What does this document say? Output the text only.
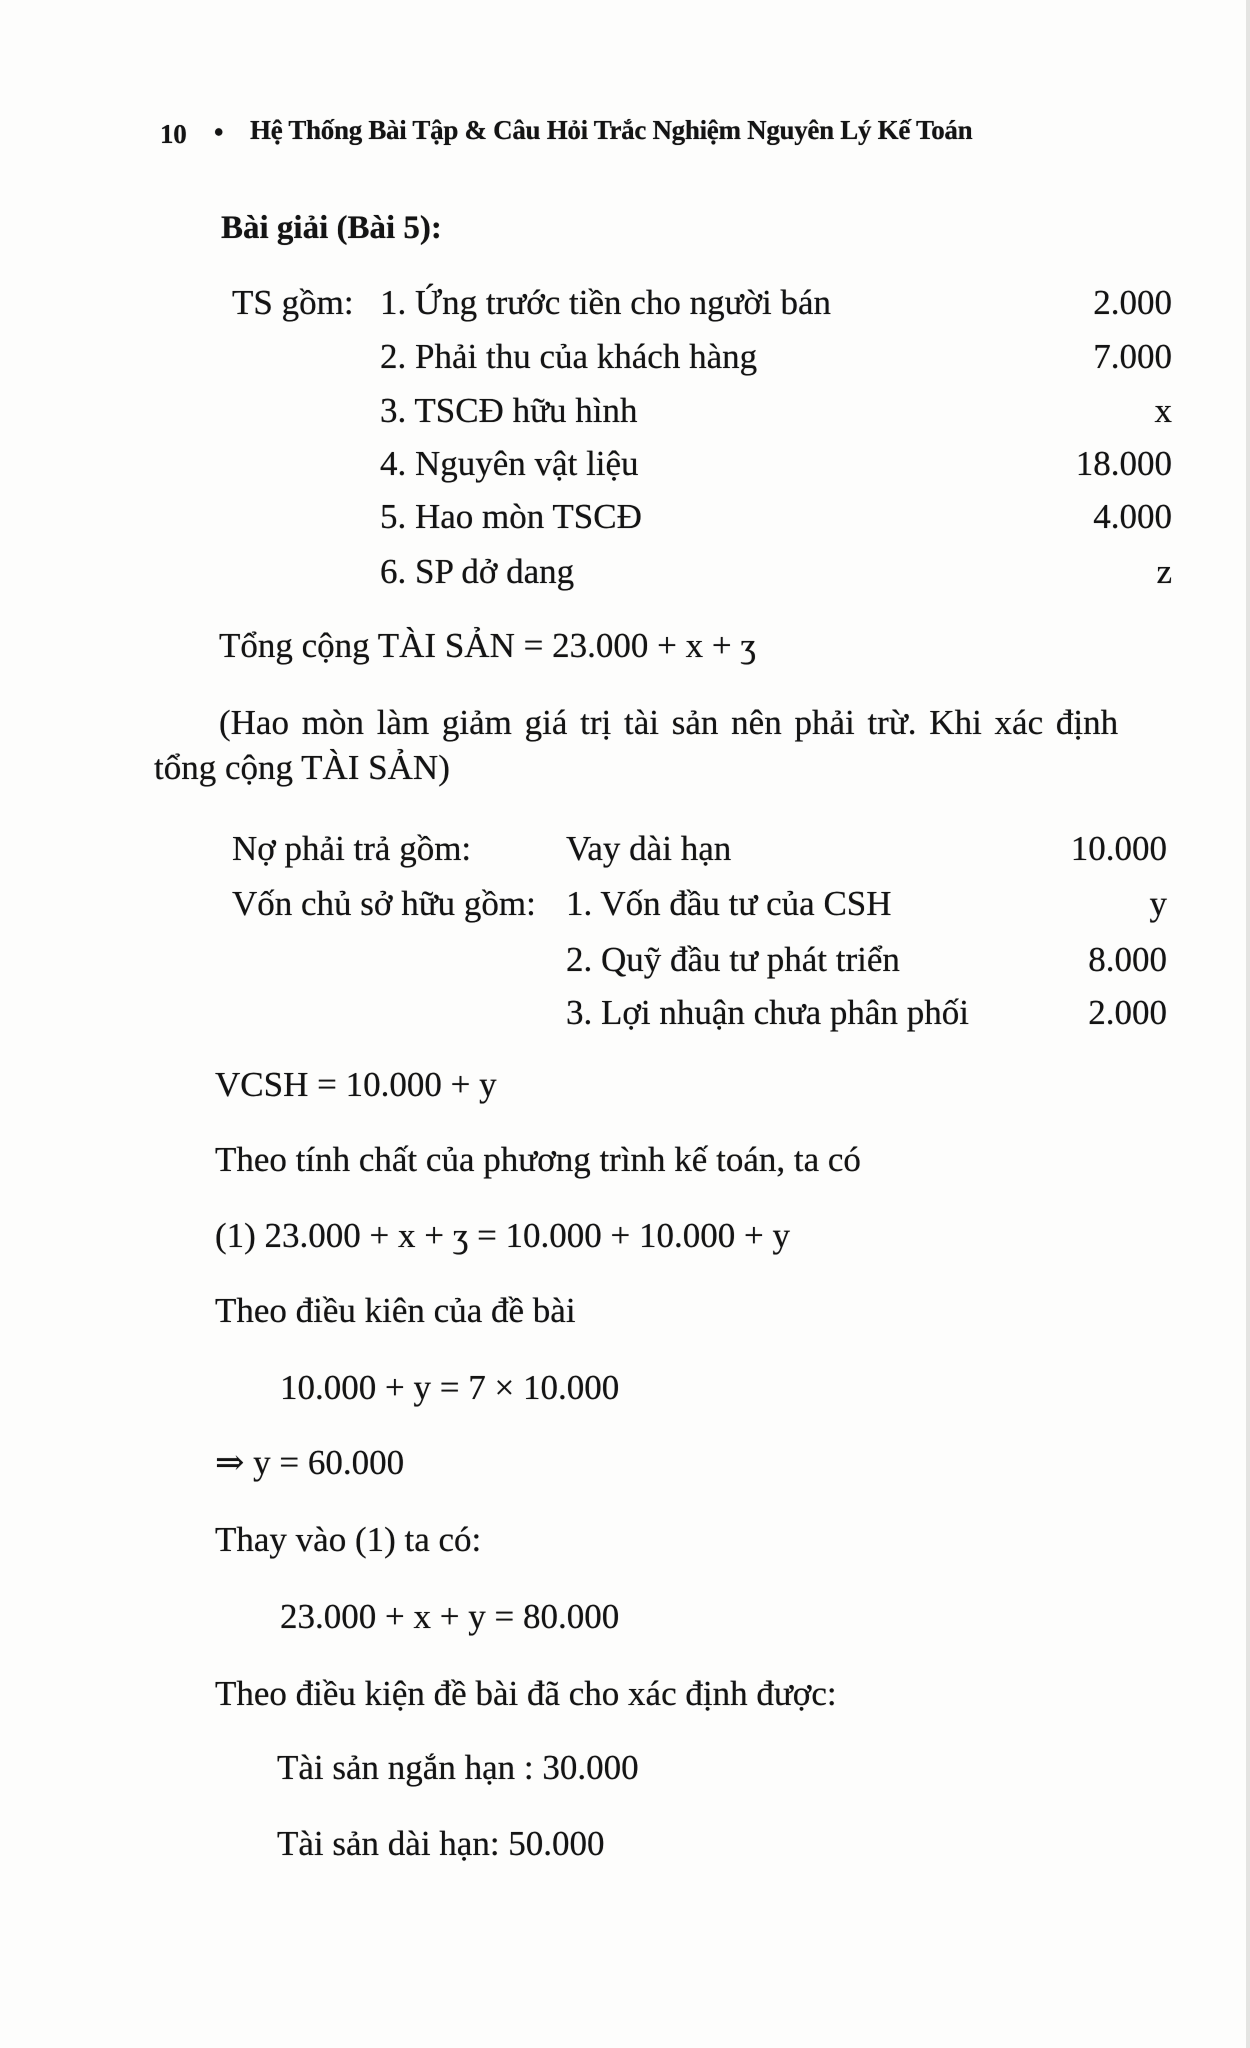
10 • Hệ Thống Bài Tập & Câu Hỏi Trắc Nghiệm Nguyên Lý Kế Toán
Bài giải (Bài 5):
TS gồm: 1. Ứng trước tiền cho người bán	2.000
2. Phải thu của khách hàng	7.000
3. TSCĐ hữu hình	x
4. Nguyên vật liệu	18.000
5. Hao mòn TSCĐ	4.000
6. SP dở dang	z
Tổng cộng TÀI SẢN = 23.000 + x + ʒ
(Hao mòn làm giảm giá trị tài sản nên phải trừ. Khi xác định
tổng cộng TÀI SẢN)
Nợ phải trả gồm:	Vay dài hạn	10.000
Vốn chủ sở hữu gồm: 1. Vốn đầu tư của CSH	y
2. Quỹ đầu tư phát triển	8.000
3. Lợi nhuận chưa phân phối	2.000
VCSH = 10.000 + y
Theo tính chất của phương trình kế toán, ta có
(1) 23.000 + x + ʒ = 10.000 + 10.000 + y
Theo điều kiên của đề bài
10.000 + y = 7 × 10.000
⇒ y = 60.000
Thay vào (1) ta có:
23.000 + x + y = 80.000
Theo điều kiện đề bài đã cho xác định được:
Tài sản ngắn hạn : 30.000
Tài sản dài hạn: 50.000
